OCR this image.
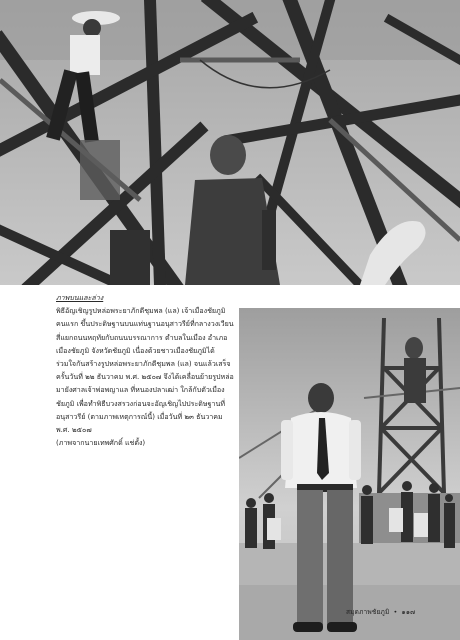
ภาพบนและล่าง
พิธีอัญเชิญรูปหล่อพระยาภักดีชุมพล (แล) เจ้าเมืองชัยภูมิคนแรก ขึ้นประดิษฐานบนแท่นฐานอนุสาวรีย์ที่กลางวงเวียนสี่แยกถนนหฤทัยกับถนนบรรณาการ ตำบลในเมือง อำเภอเมืองชัยภูมิ จังหวัดชัยภูมิ เนื่องด้วยชาวเมืองชัยภูมิได้ร่วมใจกันสร้างรูปหล่อพระยาภักดีชุมพล (แล) จนแล้วเสร็จ ครั้นวันที่ ๒๒ ธันวาคม พ.ศ. ๒๕๐๗ จึงได้เคลื่อนย้ายรูปหล่อมายังศาลเจ้าพ่อพญาแล ที่หนองปลาเฒ่า ใกล้กับตัวเมืองชัยภูมิ เพื่อทำพิธีบวงสรวงก่อนจะอัญเชิญไปประดิษฐานที่อนุสาวรีย์ (ตามภาพเหตุการณ์นี้) เมื่อวันที่ ๒๓ ธันวาคม พ.ศ. ๒๕๐๗
(ภาพจากนายเทพศักดิ์ แช่ตั้ง)
สมุดภาพชัยภูมิ • ๑๑๗
